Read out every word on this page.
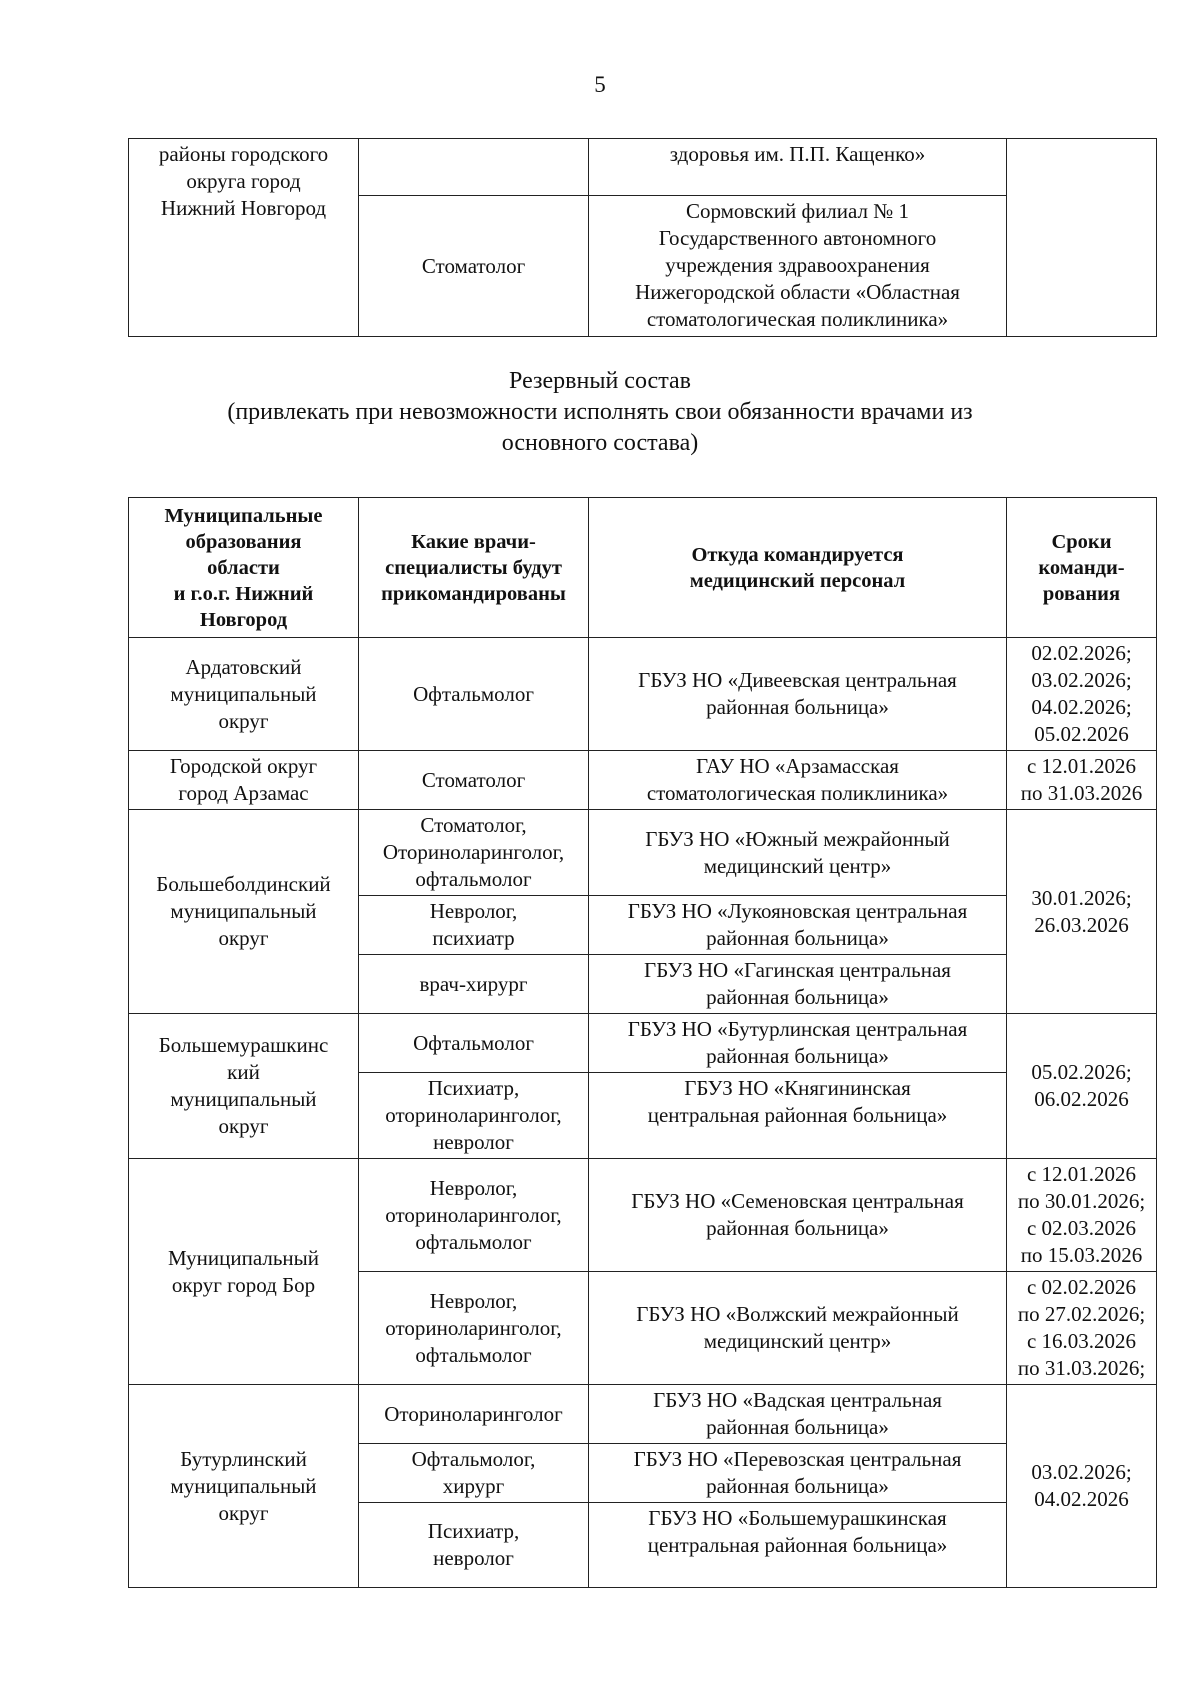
5
районы городского
округа город
Нижний Новгород		здоровья им. П.П. Кащенко»	
	Стоматолог	Сормовский филиал № 1
Государственного автономного
учреждения здравоохранения
Нижегородской области «Областная
стоматологическая поликлиника»	
Резервный состав
(привлекать при невозможности исполнять свои обязанности врачами из
основного состава)
Муниципальные
образования
области
и г.о.г. Нижний
Новгород	Какие врачи-
специалисты будут
прикомандированы	Откуда командируется
медицинский персонал	Сроки
команди-
рования
Ардатовский
муниципальный
округ	Офтальмолог	ГБУЗ НО «Дивеевская центральная
районная больница»	02.02.2026;
03.02.2026;
04.02.2026;
05.02.2026
Городской округ
город Арзамас	Стоматолог	ГАУ НО «Арзамасская
стоматологическая поликлиника»	с 12.01.2026
по 31.03.2026
Большеболдинский
муниципальный
округ	Стоматолог,
Оториноларинголог,
офтальмолог	ГБУЗ НО «Южный межрайонный
медицинский центр»	30.01.2026;
26.03.2026
	Невролог,
психиатр	ГБУЗ НО «Лукояновская центральная
районная больница»	
	врач-хирург	ГБУЗ НО «Гагинская центральная
районная больница»	
Большемурашкинс
кий
муниципальный
округ	Офтальмолог	ГБУЗ НО «Бутурлинская центральная
районная больница»	05.02.2026;
06.02.2026
	Психиатр,
оториноларинголог,
невролог	ГБУЗ НО «Княгининская
центральная районная больница»	
Муниципальный
округ город Бор	Невролог,
оториноларинголог,
офтальмолог	ГБУЗ НО «Семеновская центральная
районная больница»	с 12.01.2026
по 30.01.2026;
с 02.03.2026
по 15.03.2026
	Невролог,
оториноларинголог,
офтальмолог	ГБУЗ НО «Волжский межрайонный
медицинский центр»	с 02.02.2026
по 27.02.2026;
с 16.03.2026
по 31.03.2026;
Бутурлинский
муниципальный
округ	Оториноларинголог	ГБУЗ НО «Вадская центральная
районная больница»	03.02.2026;
04.02.2026
	Офтальмолог,
хирург	ГБУЗ НО «Перевозская центральная
районная больница»	
	Психиатр,
невролог	ГБУЗ НО «Большемурашкинская
центральная районная больница»	
